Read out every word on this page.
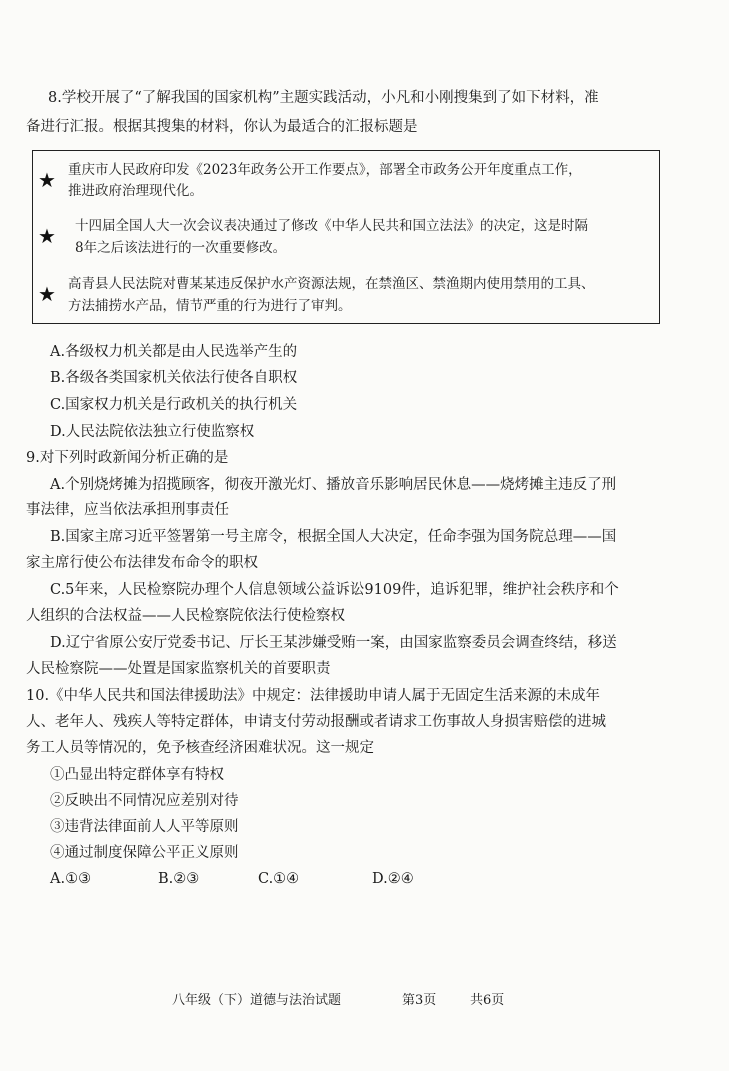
8.学校开展了“了解我国的国家机构”主题实践活动，小凡和小刚搜集到了如下材料，准
备进行汇报。根据其搜集的材料，你认为最适合的汇报标题是
★ 重庆市人民政府印发《2023年政务公开工作要点》，部署全市政务公开年度重点工作，
推进政府治理现代化。
★ 十四届全国人大一次会议表决通过了修改《中华人民共和国立法法》的决定，这是时隔
8年之后该法进行的一次重要修改。
★ 高青县人民法院对曹某某违反保护水产资源法规，在禁渔区、禁渔期内使用禁用的工具、
方法捕捞水产品，情节严重的行为进行了审判。
A.各级权力机关都是由人民选举产生的
B.各级各类国家机关依法行使各自职权
C.国家权力机关是行政机关的执行机关
D.人民法院依法独立行使监察权
9.对下列时政新闻分析正确的是
A.个别烧烤摊为招揽顾客，彻夜开激光灯、播放音乐影响居民休息——烧烤摊主违反了刑
事法律，应当依法承担刑事责任
B.国家主席习近平签署第一号主席令，根据全国人大决定，任命李强为国务院总理——国
家主席行使公布法律发布命令的职权
C.5年来，人民检察院办理个人信息领域公益诉讼9109件，追诉犯罪，维护社会秩序和个
人组织的合法权益——人民检察院依法行使检察权
D.辽宁省原公安厅党委书记、厅长王某涉嫌受贿一案，由国家监察委员会调查终结，移送
人民检察院——处置是国家监察机关的首要职责
10.《中华人民共和国法律援助法》中规定：法律援助申请人属于无固定生活来源的未成年
人、老年人、残疾人等特定群体，申请支付劳动报酬或者请求工伤事故人身损害赔偿的进城
务工人员等情况的，免予核查经济困难状况。这一规定
①凸显出特定群体享有特权
②反映出不同情况应差别对待
③违背法律面前人人平等原则
④通过制度保障公平正义原则
A.①③	B.②③	C.①④	D.②④
八年级（下）道德与法治试题	第3页	共6页
